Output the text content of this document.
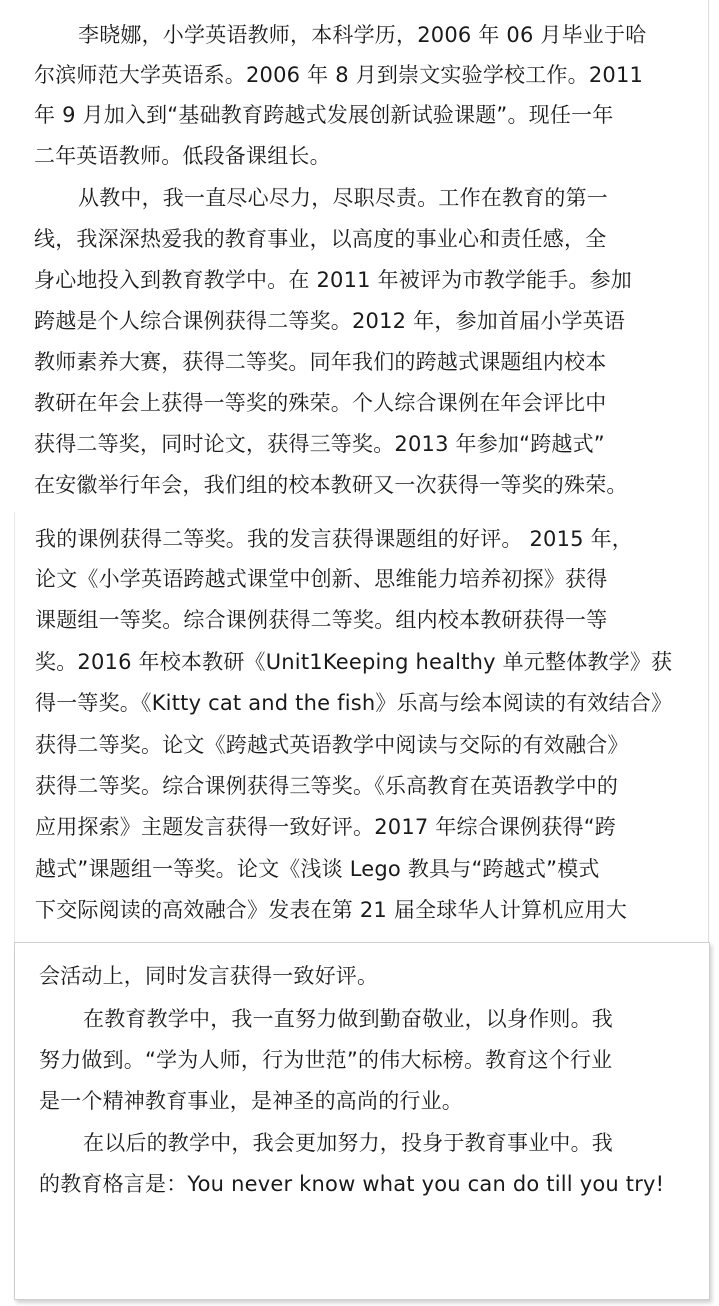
李晓娜，小学英语教师，本科学历，2006 年 06 月毕业于哈
尔滨师范大学英语系。2006 年 8 月到崇文实验学校工作。2011
年 9 月加入到“基础教育跨越式发展创新试验课题”。现任一年
二年英语教师。低段备课组长。
从教中，我一直尽心尽力，尽职尽责。工作在教育的第一
线，我深深热爱我的教育事业，以高度的事业心和责任感，全
身心地投入到教育教学中。在 2011 年被评为市教学能手。参加
跨越是个人综合课例获得二等奖。2012 年，参加首届小学英语
教师素养大赛，获得二等奖。同年我们的跨越式课题组内校本
教研在年会上获得一等奖的殊荣。个人综合课例在年会评比中
获得二等奖，同时论文，获得三等奖。2013 年参加“跨越式”
在安徽举行年会，我们组的校本教研又一次获得一等奖的殊荣。
我的课例获得二等奖。我的发言获得课题组的好评。 2015 年，
论文《小学英语跨越式课堂中创新、思维能力培养初探》获得
课题组一等奖。综合课例获得二等奖。组内校本教研获得一等
奖。2016 年校本教研《Unit1Keeping healthy 单元整体教学》获
得一等奖。《Kitty cat and the fish》乐高与绘本阅读的有效结合》
获得二等奖。论文《跨越式英语教学中阅读与交际的有效融合》
获得二等奖。综合课例获得三等奖。《乐高教育在英语教学中的
应用探索》主题发言获得一致好评。2017 年综合课例获得“跨
越式”课题组一等奖。论文《浅谈 Lego 教具与“跨越式”模式
下交际阅读的高效融合》发表在第 21 届全球华人计算机应用大
会活动上，同时发言获得一致好评。
在教育教学中，我一直努力做到勤奋敬业，以身作则。我
努力做到。“学为人师，行为世范”的伟大标榜。教育这个行业
是一个精神教育事业，是神圣的高尚的行业。
在以后的教学中，我会更加努力，投身于教育事业中。我
的教育格言是：You never know what you can do till you try!
